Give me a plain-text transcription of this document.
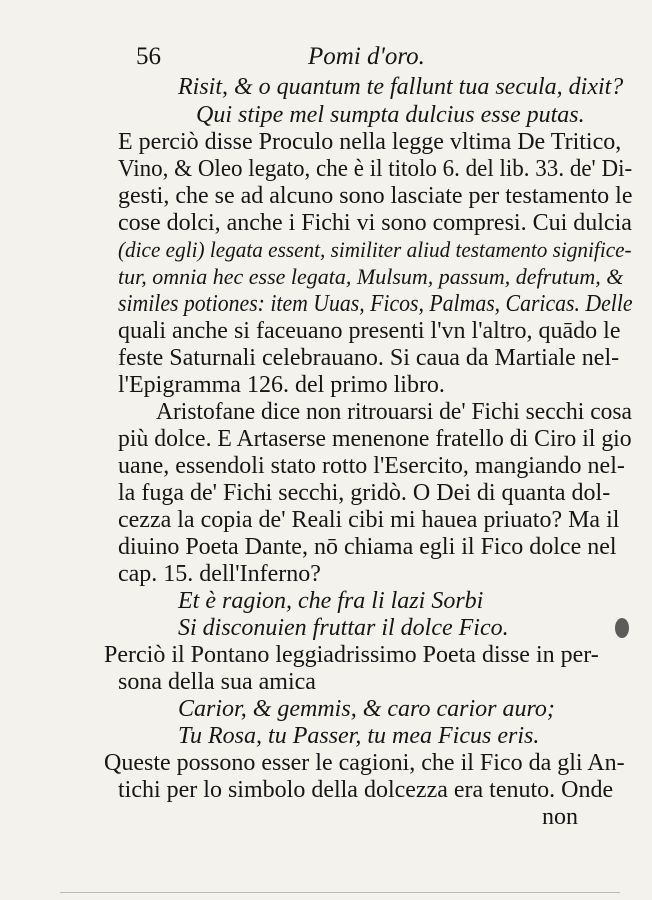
56	Pomi d'oro.
Risit, & o quantum te fallunt tua secula, dixit?
Qui stipe mel sumpta dulcius esse putas.
E perciò disse Proculo nella legge vltima De Tritico,
Vino, & Oleo legato, che è il titolo 6. del lib. 33. de' Di-
gesti, che se ad alcuno sono lasciate per testamento le
cose dolci, anche i Fichi vi sono compresi. Cui dulcia
(dice egli) legata essent, similiter aliud testamento significe-
tur, omnia hec esse legata, Mulsum, passum, defrutum, &
similes potiones: item Uuas, Ficos, Palmas, Caricas. Delle
quali anche si faceuano presenti l'vn l'altro, quādo le
feste Saturnali celebrauano. Si caua da Martiale nel-
l'Epigramma 126. del primo libro.
Aristofane dice non ritrouarsi de' Fichi secchi cosa
più dolce. E Artaserse menenone fratello di Ciro il gio
uane, essendoli stato rotto l'Esercito, mangiando nel-
la fuga de' Fichi secchi, gridò. O Dei di quanta dol-
cezza la copia de' Reali cibi mi haueа priuato? Ma il
diuino Poeta Dante, nō chiama egli il Fico dolce nel
cap. 15. dell'Inferno?
Et è ragion, che fra li lazi Sorbi
Si disconuien fruttar il dolce Fico.
Perciò il Pontano leggiadrissimo Poeta disse in per-
sona della sua amica
Carior, & gemmis, & caro carior auro;
Tu Rosa, tu Passer, tu mea Ficus eris.
Queste possono esser le cagioni, che il Fico da gli An-
tichi per lo simbolo della dolcezza era tenuto. Onde
non
